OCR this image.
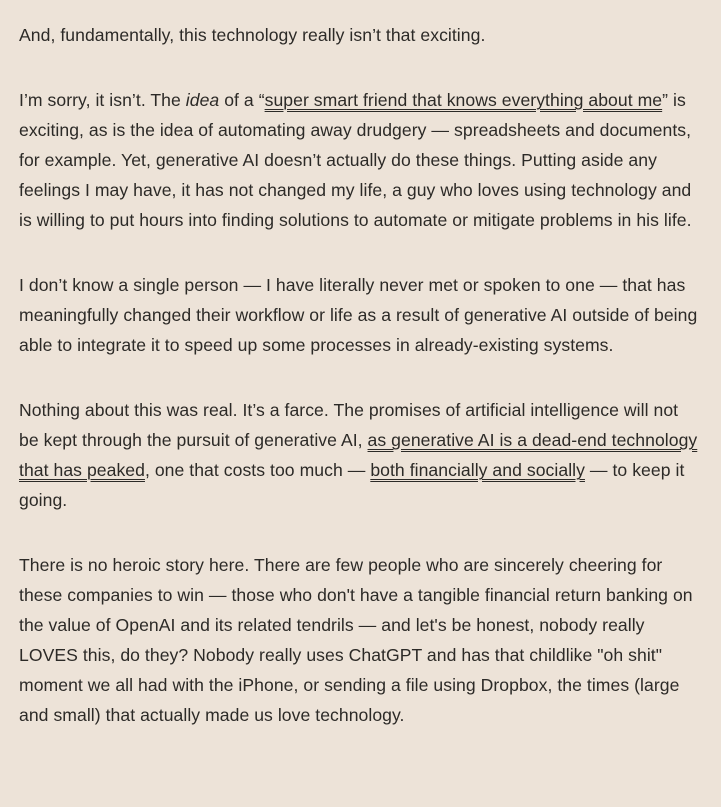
And, fundamentally, this technology really isn’t that exciting.

I’m sorry, it isn’t. The idea of a “super smart friend that knows everything about me” is exciting, as is the idea of automating away drudgery — spreadsheets and documents, for example. Yet, generative AI doesn’t actually do these things. Putting aside any feelings I may have, it has not changed my life, a guy who loves using technology and is willing to put hours into finding solutions to automate or mitigate problems in his life.

I don’t know a single person — I have literally never met or spoken to one — that has meaningfully changed their workflow or life as a result of generative AI outside of being able to integrate it to speed up some processes in already-existing systems.

Nothing about this was real. It’s a farce. The promises of artificial intelligence will not be kept through the pursuit of generative AI, as generative AI is a dead-end technology that has peaked, one that costs too much — both financially and socially — to keep it going.

There is no heroic story here. There are few people who are sincerely cheering for these companies to win — those who don't have a tangible financial return banking on the value of OpenAI and its related tendrils — and let's be honest, nobody really LOVES this, do they? Nobody really uses ChatGPT and has that childlike "oh shit" moment we all had with the iPhone, or sending a file using Dropbox, the times (large and small) that actually made us love technology.
